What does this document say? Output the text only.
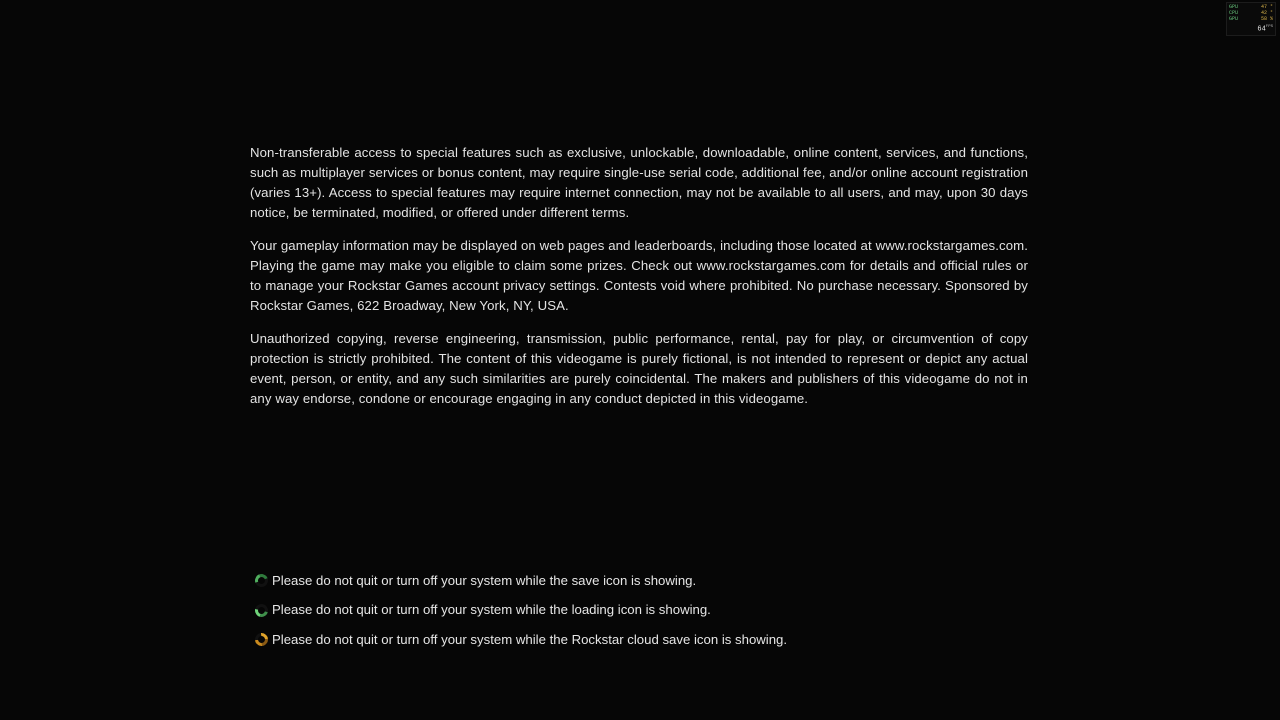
GPU	47 °
CPU	42 °
GPU	58 %
$64^{FPS}$

Non-transferable access to special features such as exclusive, unlockable, downloadable, online content, services, and functions, such as multiplayer services or bonus content, may require single-use serial code, additional fee, and/or online account registration (varies 13+). Access to special features may require internet connection, may not be available to all users, and may, upon 30 days notice, be terminated, modified, or offered under different terms.

Your gameplay information may be displayed on web pages and leaderboards, including those located at www.rockstargames.com. Playing the game may make you eligible to claim some prizes. Check out www.rockstargames.com for details and official rules or to manage your Rockstar Games account privacy settings. Contests void where prohibited. No purchase necessary. Sponsored by Rockstar Games, 622 Broadway, New York, NY, USA.

Unauthorized copying, reverse engineering, transmission, public performance, rental, pay for play, or circumvention of copy protection is strictly prohibited. The content of this videogame is purely fictional, is not intended to represent or depict any actual event, person, or entity, and any such similarities are purely coincidental. The makers and publishers of this videogame do not in any way endorse, condone or encourage engaging in any conduct depicted in this videogame.

Please do not quit or turn off your system while the save icon is showing.
Please do not quit or turn off your system while the loading icon is showing.
Please do not quit or turn off your system while the Rockstar cloud save icon is showing.
